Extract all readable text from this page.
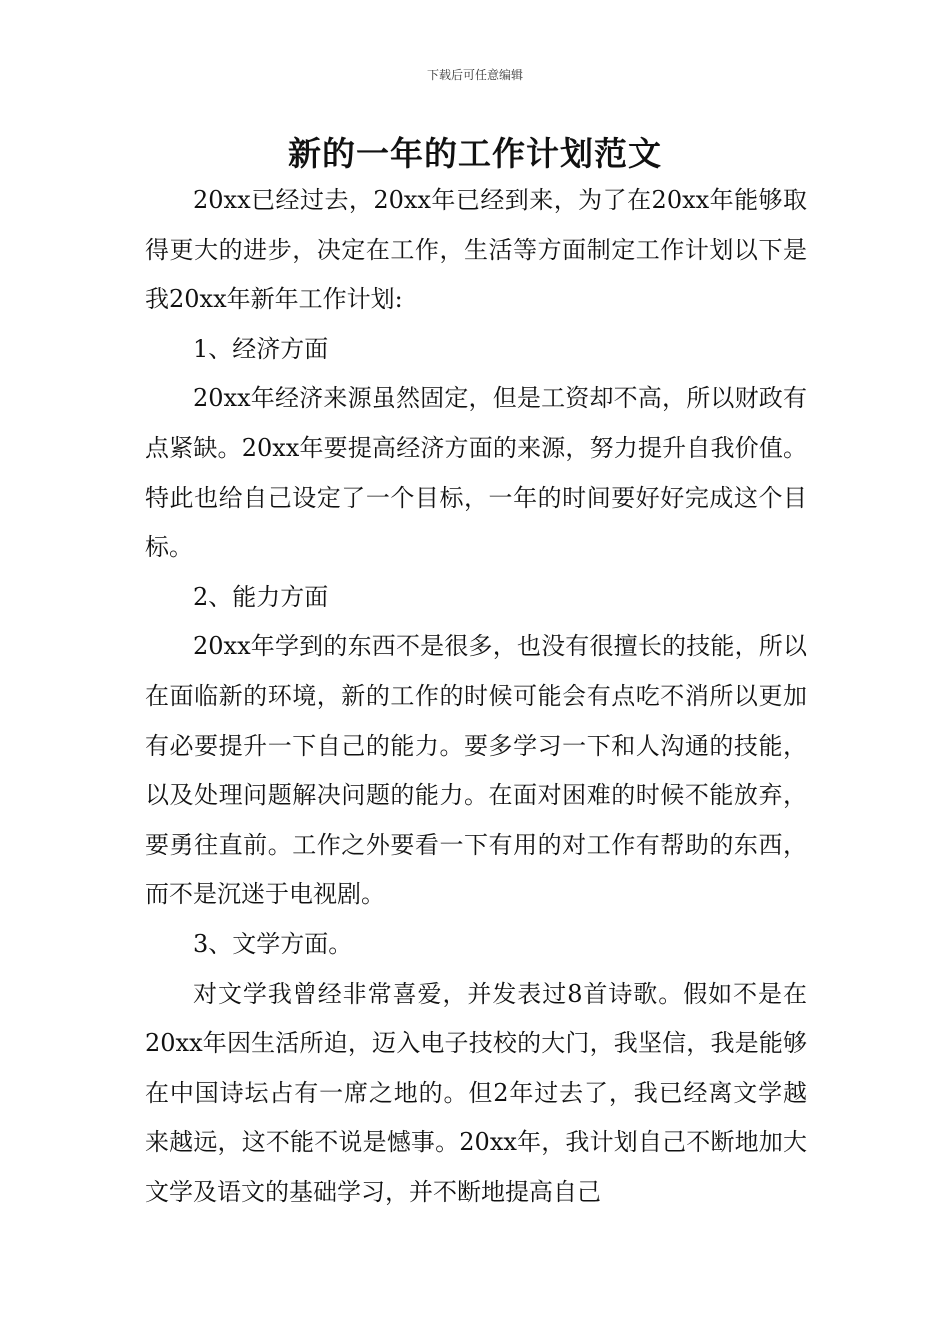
下载后可任意编辑
新的一年的工作计划范文

20xx已经过去，20xx年已经到来，为了在20xx年能够取得更大的进步，决定在工作，生活等方面制定工作计划以下是我20xx年新年工作计划:

1、经济方面

20xx年经济来源虽然固定，但是工资却不高，所以财政有点紧缺。20xx年要提高经济方面的来源，努力提升自我价值。特此也给自己设定了一个目标，一年的时间要好好完成这个目标。

2、能力方面

20xx年学到的东西不是很多，也没有很擅长的技能，所以在面临新的环境，新的工作的时候可能会有点吃不消所以更加有必要提升一下自己的能力。要多学习一下和人沟通的技能，以及处理问题解决问题的能力。在面对困难的时候不能放弃，要勇往直前。工作之外要看一下有用的对工作有帮助的东西，而不是沉迷于电视剧。

3、文学方面。

对文学我曾经非常喜爱，并发表过8首诗歌。假如不是在20xx年因生活所迫，迈入电子技校的大门，我坚信，我是能够在中国诗坛占有一席之地的。但2年过去了，我已经离文学越来越远，这不能不说是憾事。20xx年，我计划自己不断地加大文学及语文的基础学习，并不断地提高自己
